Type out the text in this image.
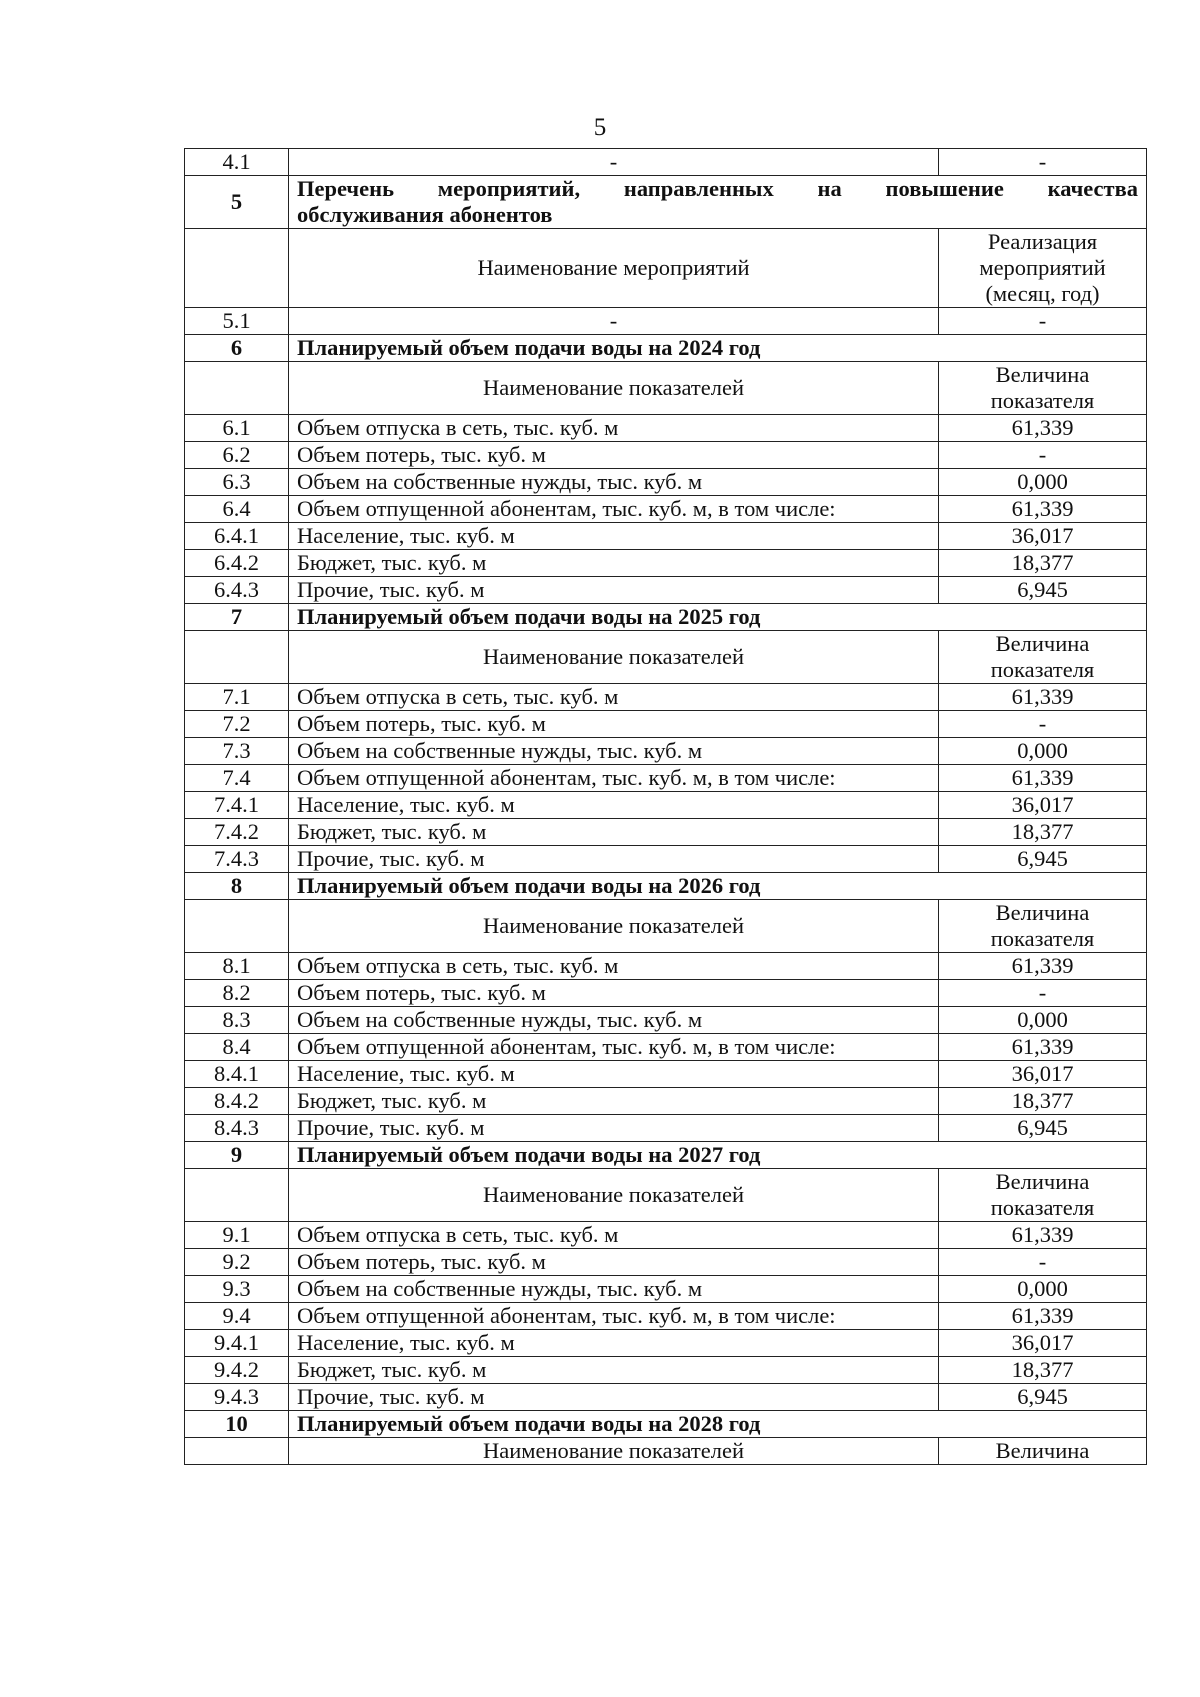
5
4.1	-	-
5	Перечень мероприятий, направленных на повышение качества
обслуживания абонентов	

	Наименование мероприятий	Реализация
мероприятий
(месяц, год)

5.1	-	-
6	Планируемый объем подачи воды на 2024 год	
	Наименование показателей	Величина
показателя

6.1	Объем отпуска в сеть, тыс. куб. м	61,339
6.2	Объем потерь, тыс. куб. м	-
6.3	Объем на собственные нужды, тыс. куб. м	0,000
6.4	Объем отпущенной абонентам, тыс. куб. м, в том числе:	61,339
6.4.1	Население, тыс. куб. м	36,017
6.4.2	Бюджет, тыс. куб. м	18,377
6.4.3	Прочие, тыс. куб. м	6,945
7	Планируемый объем подачи воды на 2025 год	
	Наименование показателей	Величина
показателя

7.1	Объем отпуска в сеть, тыс. куб. м	61,339
7.2	Объем потерь, тыс. куб. м	-
7.3	Объем на собственные нужды, тыс. куб. м	0,000
7.4	Объем отпущенной абонентам, тыс. куб. м, в том числе:	61,339
7.4.1	Население, тыс. куб. м	36,017
7.4.2	Бюджет, тыс. куб. м	18,377
7.4.3	Прочие, тыс. куб. м	6,945
8	Планируемый объем подачи воды на 2026 год	
	Наименование показателей	Величина
показателя

8.1	Объем отпуска в сеть, тыс. куб. м	61,339
8.2	Объем потерь, тыс. куб. м	-
8.3	Объем на собственные нужды, тыс. куб. м	0,000
8.4	Объем отпущенной абонентам, тыс. куб. м, в том числе:	61,339
8.4.1	Население, тыс. куб. м	36,017
8.4.2	Бюджет, тыс. куб. м	18,377
8.4.3	Прочие, тыс. куб. м	6,945
9	Планируемый объем подачи воды на 2027 год	
	Наименование показателей	Величина
показателя

9.1	Объем отпуска в сеть, тыс. куб. м	61,339
9.2	Объем потерь, тыс. куб. м	-
9.3	Объем на собственные нужды, тыс. куб. м	0,000
9.4	Объем отпущенной абонентам, тыс. куб. м, в том числе:	61,339
9.4.1	Население, тыс. куб. м	36,017
9.4.2	Бюджет, тыс. куб. м	18,377
9.4.3	Прочие, тыс. куб. м	6,945
10	Планируемый объем подачи воды на 2028 год	
	Наименование показателей	Величина
